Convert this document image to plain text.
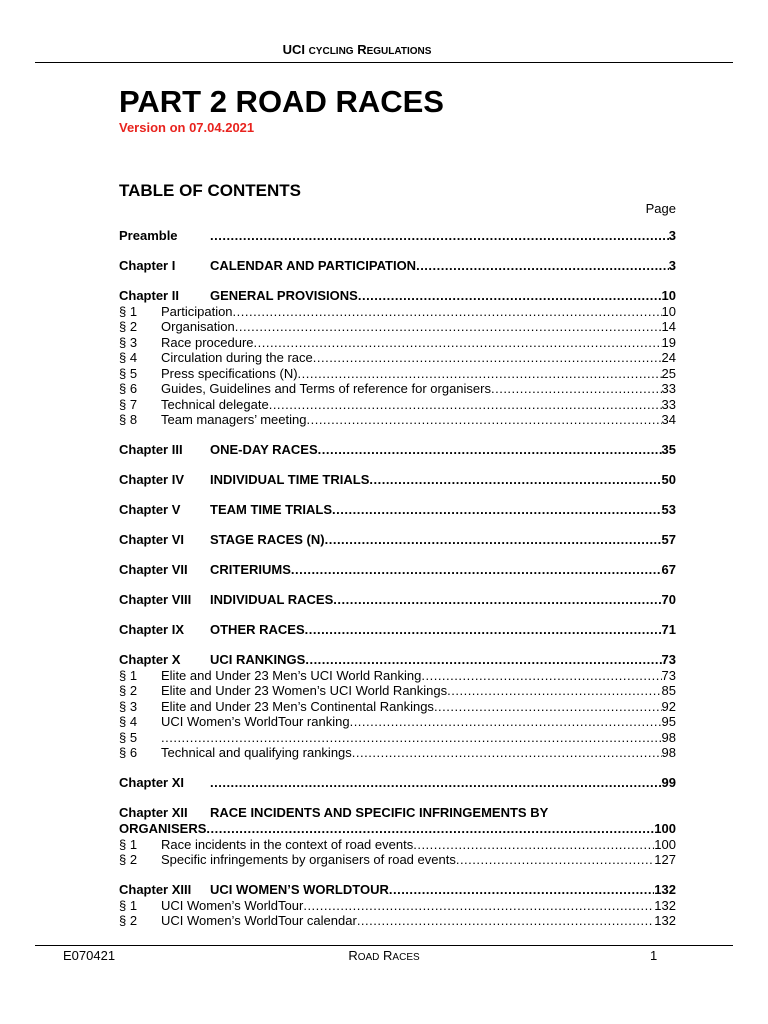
UCI CYCLING REGULATIONS
PART 2 ROAD RACES
Version on 07.04.2021
TABLE OF CONTENTS
Page
Preamble .....	3
Chapter I	CALENDAR AND PARTICIPATION .....	3
Chapter II	GENERAL PROVISIONS .....	10
§ 1	Participation .....	10
§ 2	Organisation .....	14
§ 3	Race procedure .....	19
§ 4	Circulation during the race .....	24
§ 5	Press specifications (N) .....	25
§ 6	Guides, Guidelines and Terms of reference for organisers .....	33
§ 7	Technical delegate .....	33
§ 8	Team managers’ meeting .....	34
Chapter III	ONE-DAY RACES .....	35
Chapter IV	INDIVIDUAL TIME TRIALS .....	50
Chapter V	TEAM TIME TRIALS .....	53
Chapter VI	STAGE RACES (N) .....	57
Chapter VII	CRITERIUMS .....	67
Chapter VIII	INDIVIDUAL RACES .....	70
Chapter IX	OTHER RACES .....	71
Chapter X	UCI RANKINGS .....	73
§ 1	Elite and Under 23 Men’s UCI World Ranking .....	73
§ 2	Elite and Under 23 Women’s UCI World Rankings .....	85
§ 3	Elite and Under 23 Men’s Continental Rankings .....	92
§ 4	UCI Women’s WorldTour ranking .....	95
§ 5 .....	98
§ 6	Technical and qualifying rankings .....	98
Chapter XI .....	99
Chapter XII	RACE INCIDENTS AND SPECIFIC INFRINGEMENTS BY
ORGANISERS .....	100
§ 1	Race incidents in the context of road events .....	100
§ 2	Specific infringements by organisers of road events .....	127
Chapter XIII	UCI WOMEN’S WORLDTOUR .....	132
§ 1	UCI Women’s WorldTour .....	132
§ 2	UCI Women’s WorldTour calendar .....	132
E070421	ROAD RACES	1
